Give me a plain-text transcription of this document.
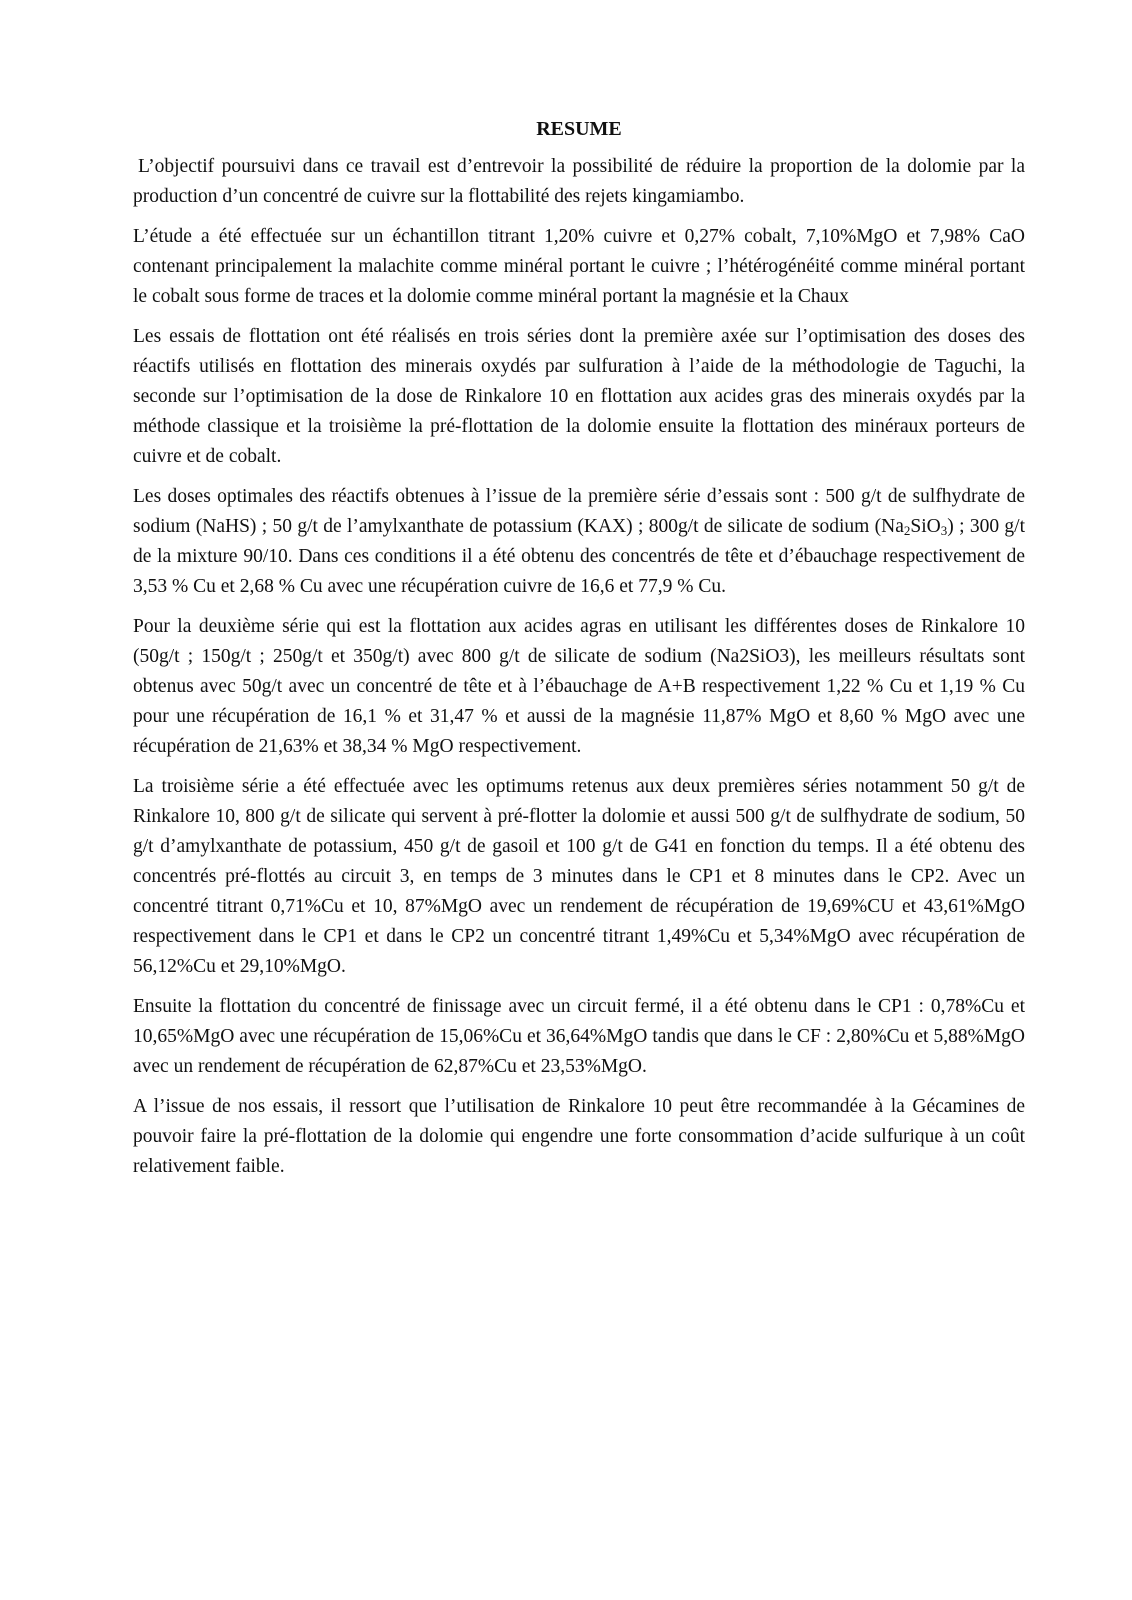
RESUME

L’objectif poursuivi dans ce travail est d’entrevoir la possibilité de réduire la proportion de la dolomie par la production d’un concentré de cuivre sur la flottabilité des rejets kingamiambo.

L’étude a été effectuée sur un échantillon titrant 1,20% cuivre et 0,27% cobalt, 7,10%MgO et 7,98% CaO contenant principalement la malachite comme minéral portant le cuivre ; l’hétérogénéité comme minéral portant le cobalt sous forme de traces et la dolomie comme minéral portant la magnésie et la Chaux

Les essais de flottation ont été réalisés en trois séries dont la première axée sur l’optimisation des doses des réactifs utilisés en flottation des minerais oxydés par sulfuration à l’aide de la méthodologie de Taguchi, la seconde sur l’optimisation de la dose de Rinkalore 10 en flottation aux acides gras des minerais oxydés par la méthode classique et la troisième la pré-flottation de la dolomie ensuite la flottation des minéraux porteurs de cuivre et de cobalt.

Les doses optimales des réactifs obtenues à l’issue de la première série d’essais sont : 500 g/t de sulfhydrate de sodium (NaHS) ; 50 g/t de l’amylxanthate de potassium (KAX) ; 800g/t de silicate de sodium $(Na_2SiO_3)$ ; 300 g/t de la mixture 90/10. Dans ces conditions il a été obtenu des concentrés de tête et d’ébauchage respectivement de 3,53 % Cu et 2,68 % Cu avec une récupération cuivre de 16,6 et 77,9 % Cu.

Pour la deuxième série qui est la flottation aux acides agras en utilisant les différentes doses de Rinkalore 10 (50g/t ; 150g/t ; 250g/t et 350g/t) avec 800 g/t de silicate de sodium (Na2SiO3), les meilleurs résultats sont obtenus avec 50g/t avec un concentré de tête et à l’ébauchage de A+B respectivement 1,22 % Cu et 1,19 % Cu pour une récupération de 16,1 % et 31,47 % et aussi de la magnésie 11,87% MgO et 8,60 % MgO avec une récupération de 21,63% et 38,34 % MgO respectivement.

La troisième série a été effectuée avec les optimums retenus aux deux premières séries notamment 50 g/t de Rinkalore 10, 800 g/t de silicate qui servent à pré-flotter la dolomie et aussi 500 g/t de sulfhydrate de sodium, 50 g/t d’amylxanthate de potassium, 450 g/t de gasoil et 100 g/t de G41 en fonction du temps. Il a été obtenu des concentrés pré-flottés au circuit 3, en temps de 3 minutes dans le CP1 et 8 minutes dans le CP2. Avec un concentré titrant 0,71%Cu et 10, 87%MgO avec un rendement de récupération de 19,69%CU et 43,61%MgO respectivement dans le CP1 et dans le CP2 un concentré titrant 1,49%Cu et 5,34%MgO avec récupération de 56,12%Cu et 29,10%MgO.

Ensuite la flottation du concentré de finissage avec un circuit fermé, il a été obtenu dans le CP1 : 0,78%Cu et 10,65%MgO avec une récupération de 15,06%Cu et 36,64%MgO tandis que dans le CF : 2,80%Cu et 5,88%MgO avec un rendement de récupération de 62,87%Cu et 23,53%MgO.

A l’issue de nos essais, il ressort que l’utilisation de Rinkalore 10 peut être recommandée à la Gécamines de pouvoir faire la pré-flottation de la dolomie qui engendre une forte consommation d’acide sulfurique à un coût relativement faible.
